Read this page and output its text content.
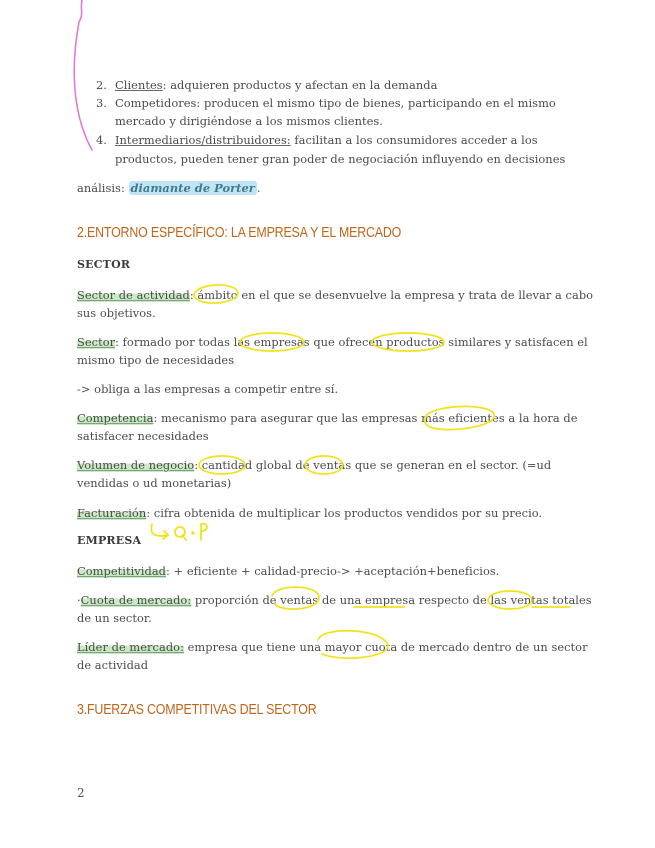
2. Clientes: adquieren productos y afectan en la demanda
3. Competidores: producen el mismo tipo de bienes, participando en el mismo
mercado y dirigiéndose a los mismos clientes.
4. Intermediarios/distribuidores: facilitan a los consumidores acceder a los
productos, pueden tener gran poder de negociación influyendo en decisiones
análisis: diamante de Porter .
2.ENTORNO ESPECÍFICO: LA EMPRESA Y EL MERCADO
SECTOR
Sector de actividad: ámbito en el que se desenvuelve la empresa y trata de llevar a cabo
sus objetivos.
Sector: formado por todas las empresas que ofrecen productos similares y satisfacen el
mismo tipo de necesidades
-> obliga a las empresas a competir entre sí.
Competencia: mecanismo para asegurar que las empresas más eficientes a la hora de
satisfacer necesidades
Volumen de negocio: cantidad global de ventas que se generan en el sector. (=ud
vendidas o ud monetarias)
Facturación: cifra obtenida de multiplicar los productos vendidos por su precio.
EMPRESA
Competitividad: + eficiente + calidad-precio-> +aceptación+beneficios.
·Cuota de mercado: proporción de ventas de una empresa respecto de las ventas totales
de un sector.
Líder de mercado: empresa que tiene una mayor cuota de mercado dentro de un sector
de actividad
3.FUERZAS COMPETITIVAS DEL SECTOR
2
